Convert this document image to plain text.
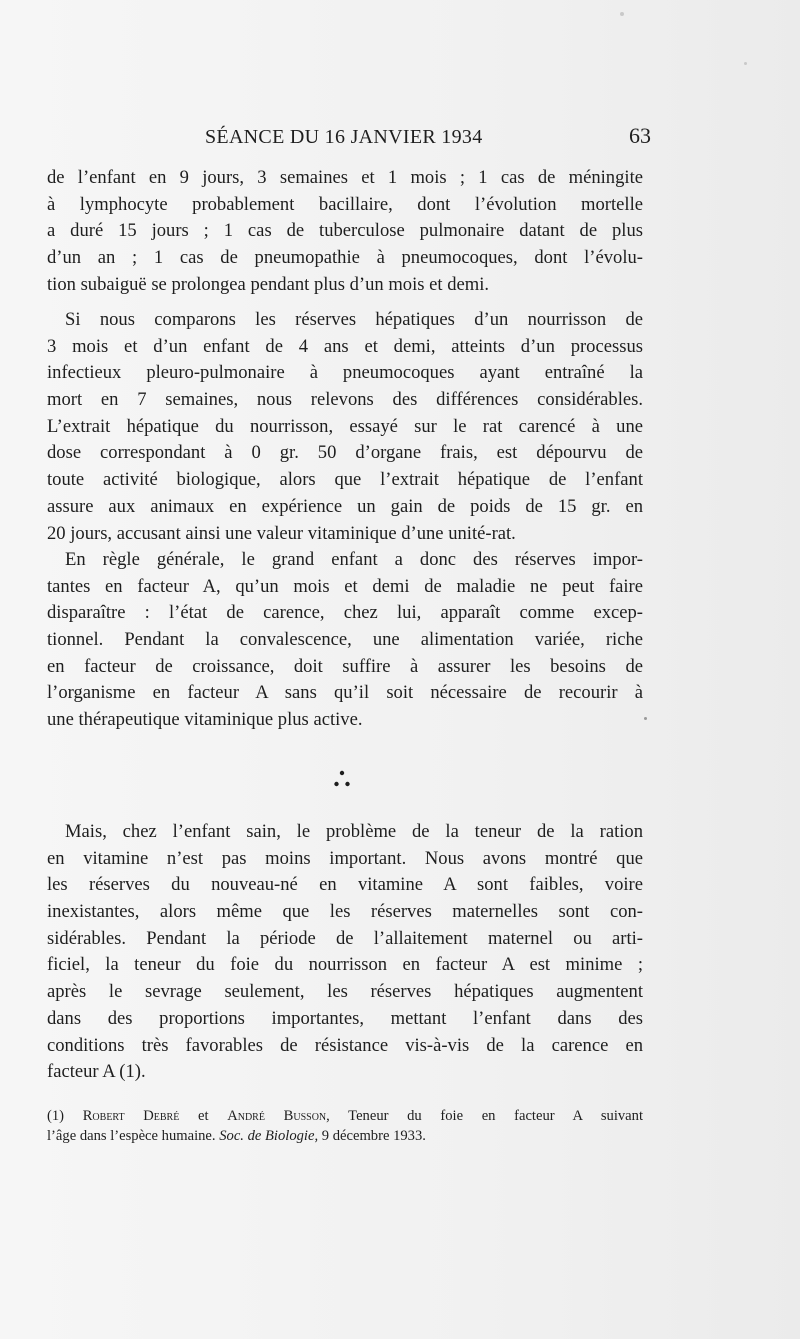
SÉANCE DU 16 JANVIER 1934	63
de l’enfant en 9 jours, 3 semaines et 1 mois ; 1 cas de méningite
à lymphocyte probablement bacillaire, dont l’évolution mortelle
a duré 15 jours ; 1 cas de tuberculose pulmonaire datant de plus
d’un an ; 1 cas de pneumopathie à pneumocoques, dont l’évolu-
tion subaiguë se prolongea pendant plus d’un mois et demi.
Si nous comparons les réserves hépatiques d’un nourrisson de
3 mois et d’un enfant de 4 ans et demi, atteints d’un processus
infectieux pleuro-pulmonaire à pneumocoques ayant entraîné la
mort en 7 semaines, nous relevons des différences considérables.
L’extrait hépatique du nourrisson, essayé sur le rat carencé à une
dose correspondant à 0 gr. 50 d’organe frais, est dépourvu de
toute activité biologique, alors que l’extrait hépatique de l’enfant
assure aux animaux en expérience un gain de poids de 15 gr. en
20 jours, accusant ainsi une valeur vitaminique d’une unité-rat.
En règle générale, le grand enfant a donc des réserves impor-
tantes en facteur A, qu’un mois et demi de maladie ne peut faire
disparaître : l’état de carence, chez lui, apparaît comme excep-
tionnel. Pendant la convalescence, une alimentation variée, riche
en facteur de croissance, doit suffire à assurer les besoins de
l’organisme en facteur A sans qu’il soit nécessaire de recourir à
une thérapeutique vitaminique plus active.
Mais, chez l’enfant sain, le problème de la teneur de la ration
en vitamine n’est pas moins important. Nous avons montré que
les réserves du nouveau-né en vitamine A sont faibles, voire
inexistantes, alors même que les réserves maternelles sont con-
sidérables. Pendant la période de l’allaitement maternel ou arti-
ficiel, la teneur du foie du nourrisson en facteur A est minime ;
après le sevrage seulement, les réserves hépatiques augmentent
dans des proportions importantes, mettant l’enfant dans des
conditions très favorables de résistance vis-à-vis de la carence en
facteur A (1).
(1) Robert Debré et André Busson, Teneur du foie en facteur A suivant
l’âge dans l’espèce humaine. Soc. de Biologie, 9 décembre 1933.
